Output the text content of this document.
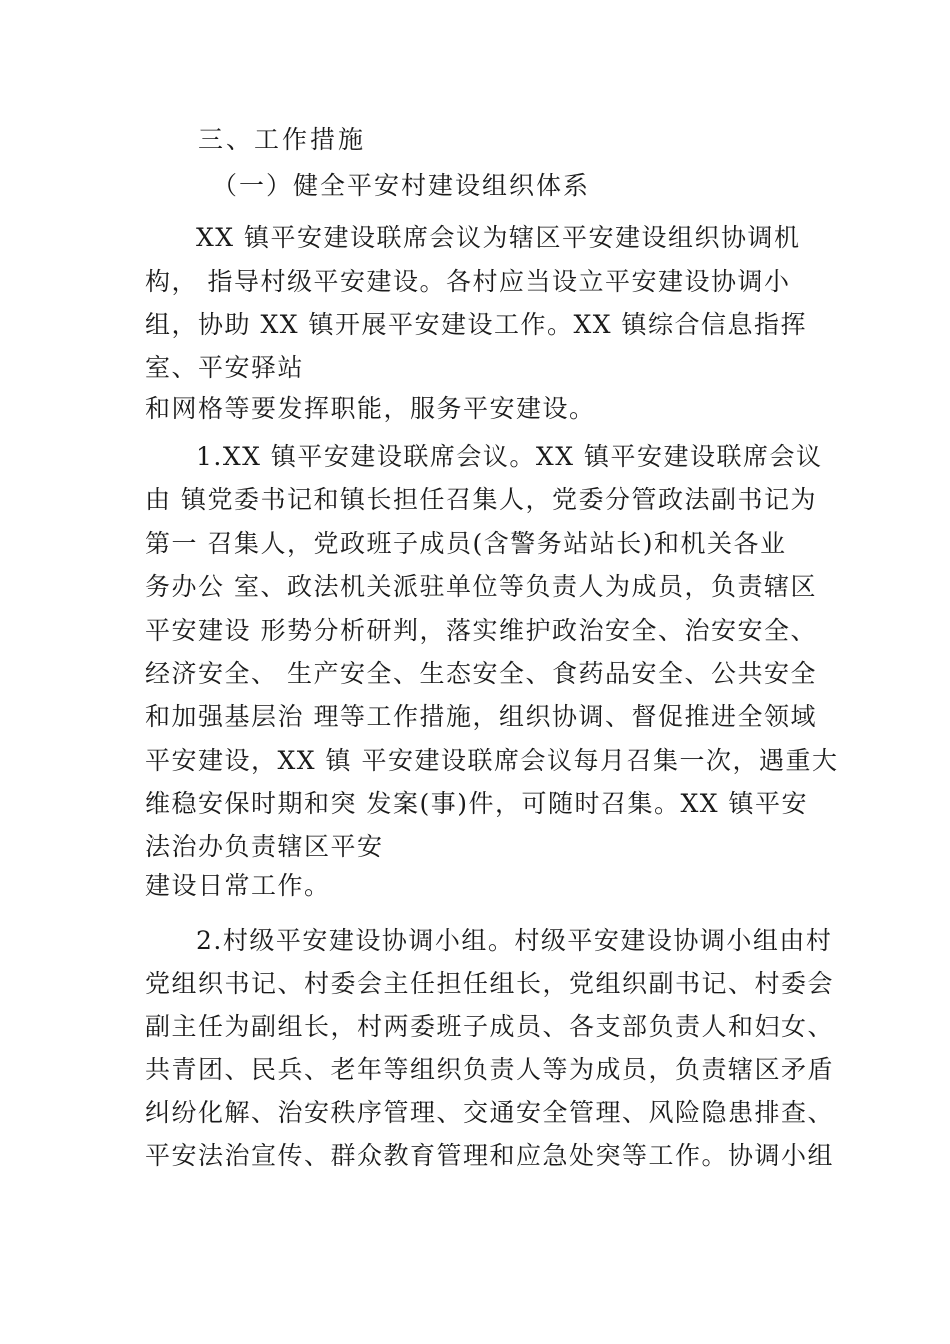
三、工作措施
（一）健全平安村建设组织体系
XX 镇平安建设联席会议为辖区平安建设组织协调机
构， 指导村级平安建设。各村应当设立平安建设协调小
组，协助 XX 镇开展平安建设工作。XX 镇综合信息指挥
室、平安驿站
和网格等要发挥职能，服务平安建设。
1.XX 镇平安建设联席会议。XX 镇平安建设联席会议
由 镇党委书记和镇长担任召集人，党委分管政法副书记为
第一 召集人，党政班子成员(含警务站站长)和机关各业
务办公 室、政法机关派驻单位等负责人为成员，负责辖区
平安建设 形势分析研判，落实维护政治安全、治安安全、
经济安全、 生产安全、生态安全、食药品安全、公共安全
和加强基层治 理等工作措施，组织协调、督促推进全领域
平安建设，XX 镇 平安建设联席会议每月召集一次，遇重大
维稳安保时期和突 发案(事)件，可随时召集。XX 镇平安
法治办负责辖区平安
建设日常工作。
2.村级平安建设协调小组。村级平安建设协调小组由村
党组织书记、村委会主任担任组长，党组织副书记、村委会
副主任为副组长，村两委班子成员、各支部负责人和妇女、
共青团、民兵、老年等组织负责人等为成员，负责辖区矛盾
纠纷化解、治安秩序管理、交通安全管理、风险隐患排查、
平安法治宣传、群众教育管理和应急处突等工作。协调小组
